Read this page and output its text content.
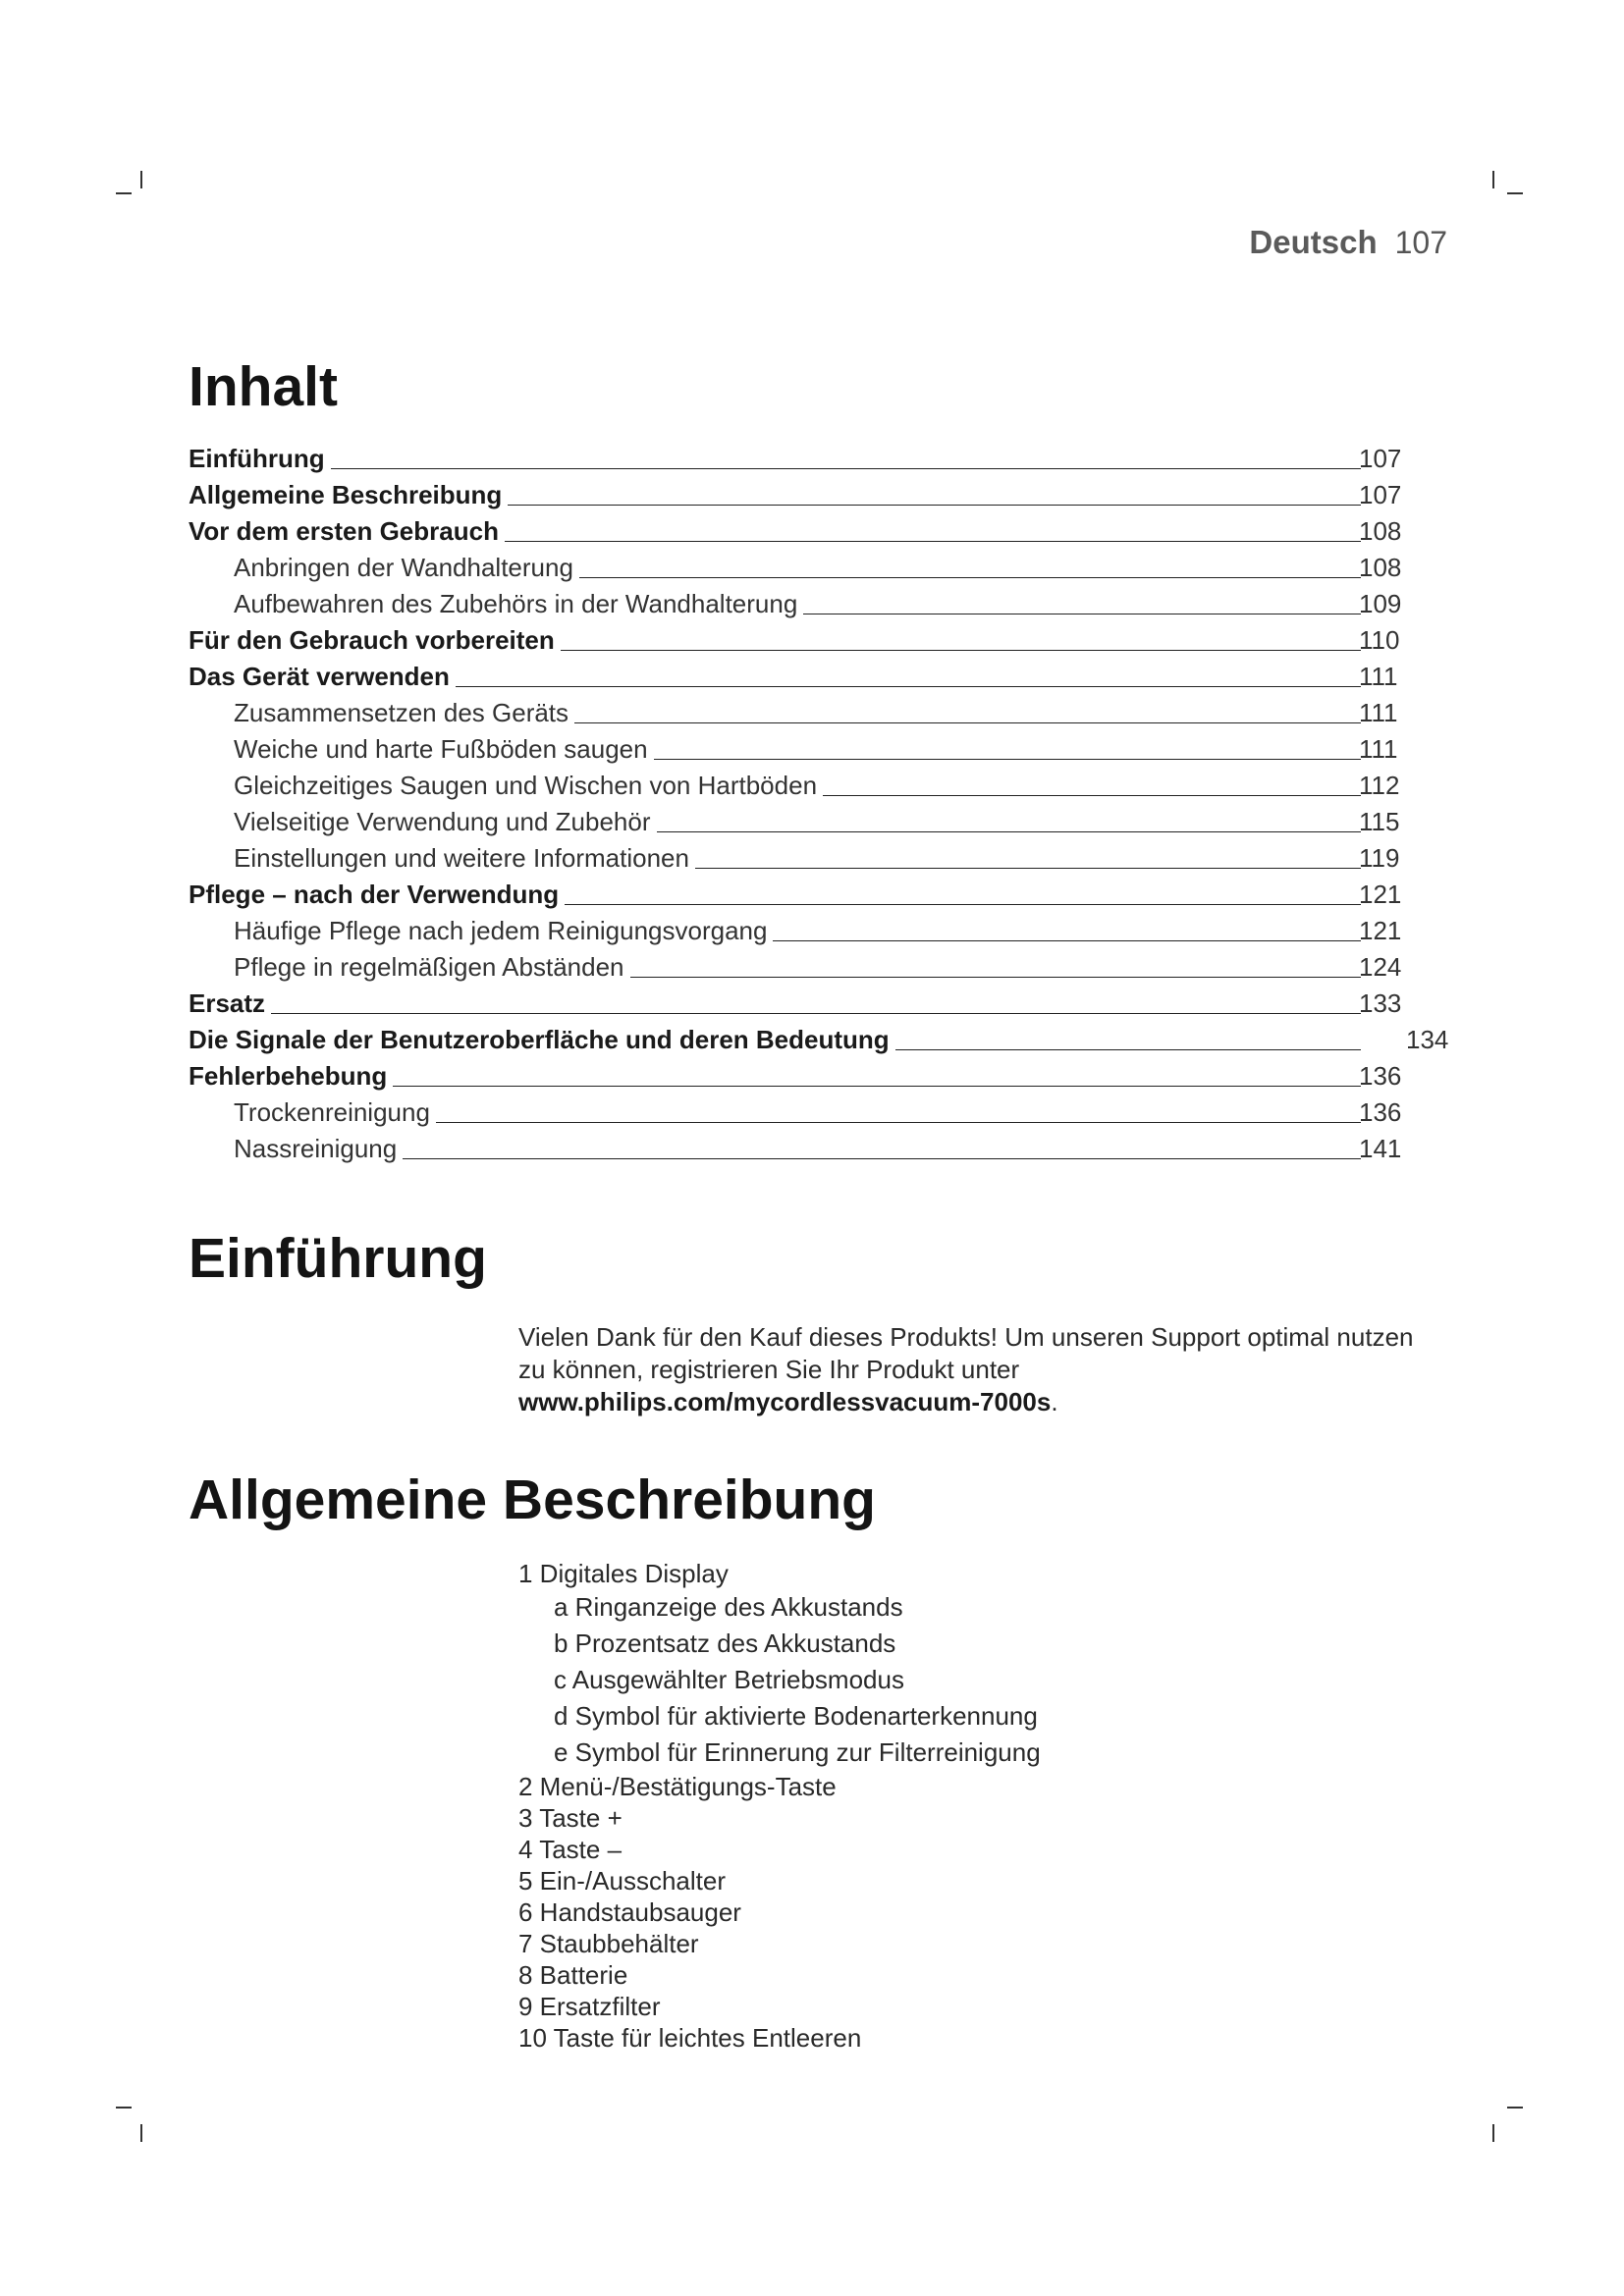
Deutsch 107
Inhalt
Einführung	107
Allgemeine Beschreibung	107
Vor dem ersten Gebrauch	108
Anbringen der Wandhalterung	108
Aufbewahren des Zubehörs in der Wandhalterung	109
Für den Gebrauch vorbereiten	110
Das Gerät verwenden	111
Zusammensetzen des Geräts	111
Weiche und harte Fußböden saugen	111
Gleichzeitiges Saugen und Wischen von Hartböden	112
Vielseitige Verwendung und Zubehör	115
Einstellungen und weitere Informationen	119
Pflege – nach der Verwendung	121
Häufige Pflege nach jedem Reinigungsvorgang	121
Pflege in regelmäßigen Abständen	124
Ersatz	133
Die Signale der Benutzeroberfläche und deren Bedeutung	134
Fehlerbehebung	136
Trockenreinigung	136
Nassreinigung	141
Einführung
Vielen Dank für den Kauf dieses Produkts! Um unseren Support optimal nutzen zu können, registrieren Sie Ihr Produkt unter www.philips.com/mycordlessvacuum-7000s.
Allgemeine Beschreibung
1 Digitales Display
a Ringanzeige des Akkustands
b Prozentsatz des Akkustands
c Ausgewählter Betriebsmodus
d Symbol für aktivierte Bodenarterkennung
e Symbol für Erinnerung zur Filterreinigung
2 Menü-/Bestätigungs-Taste
3 Taste +
4 Taste –
5 Ein-/Ausschalter
6 Handstaubsauger
7 Staubbehälter
8 Batterie
9 Ersatzfilter
10 Taste für leichtes Entleeren
